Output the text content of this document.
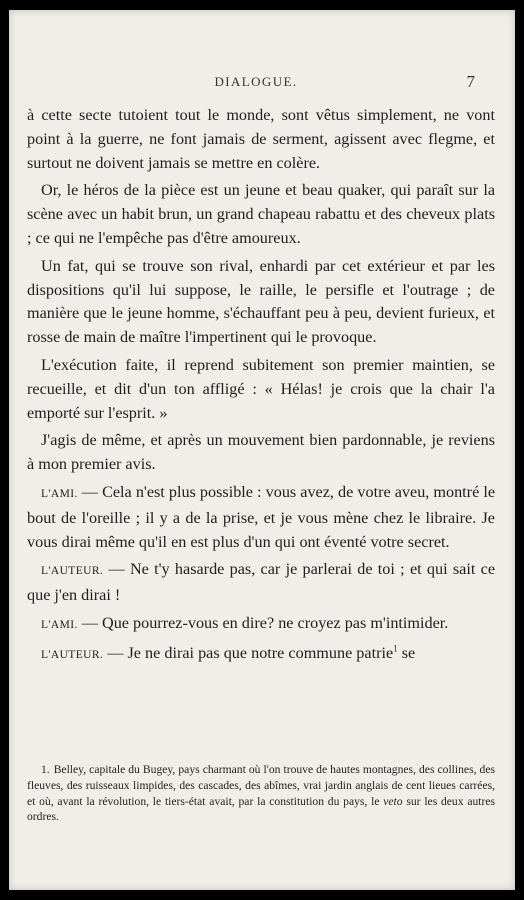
DIALOGUE.	7

à cette secte tutoient tout le monde, sont vêtus simplement, ne vont point à la guerre, ne font jamais de serment, agissent avec flegme, et surtout ne doivent jamais se mettre en colère.

Or, le héros de la pièce est un jeune et beau quaker, qui paraît sur la scène avec un habit brun, un grand chapeau rabattu et des cheveux plats ; ce qui ne l'empêche pas d'être amoureux.

Un fat, qui se trouve son rival, enhardi par cet extérieur et par les dispositions qu'il lui suppose, le raille, le persifle et l'outrage ; de manière que le jeune homme, s'échauffant peu à peu, devient furieux, et rosse de main de maître l'impertinent qui le provoque.

L'exécution faite, il reprend subitement son premier maintien, se recueille, et dit d'un ton affligé : « Hélas! je crois que la chair l'a emporté sur l'esprit. »

J'agis de même, et après un mouvement bien pardonnable, je reviens à mon premier avis.

L'AMI. — Cela n'est plus possible : vous avez, de votre aveu, montré le bout de l'oreille ; il y a de la prise, et je vous mène chez le libraire. Je vous dirai même qu'il en est plus d'un qui ont éventé votre secret.

L'AUTEUR. — Ne t'y hasarde pas, car je parlerai de toi ; et qui sait ce que j'en dirai !

L'AMI. — Que pourrez-vous en dire? ne croyez pas m'intimider.

L'AUTEUR. — Je ne dirai pas que notre commune patrie$^1$ se

1. Belley, capitale du Bugey, pays charmant où l'on trouve de hautes montagnes, des collines, des fleuves, des ruisseaux limpides, des cascades, des abîmes, vrai jardin anglais de cent lieues carrées, et où, avant la révolution, le tiers-état avait, par la constitution du pays, le veto sur les deux autres ordres.
